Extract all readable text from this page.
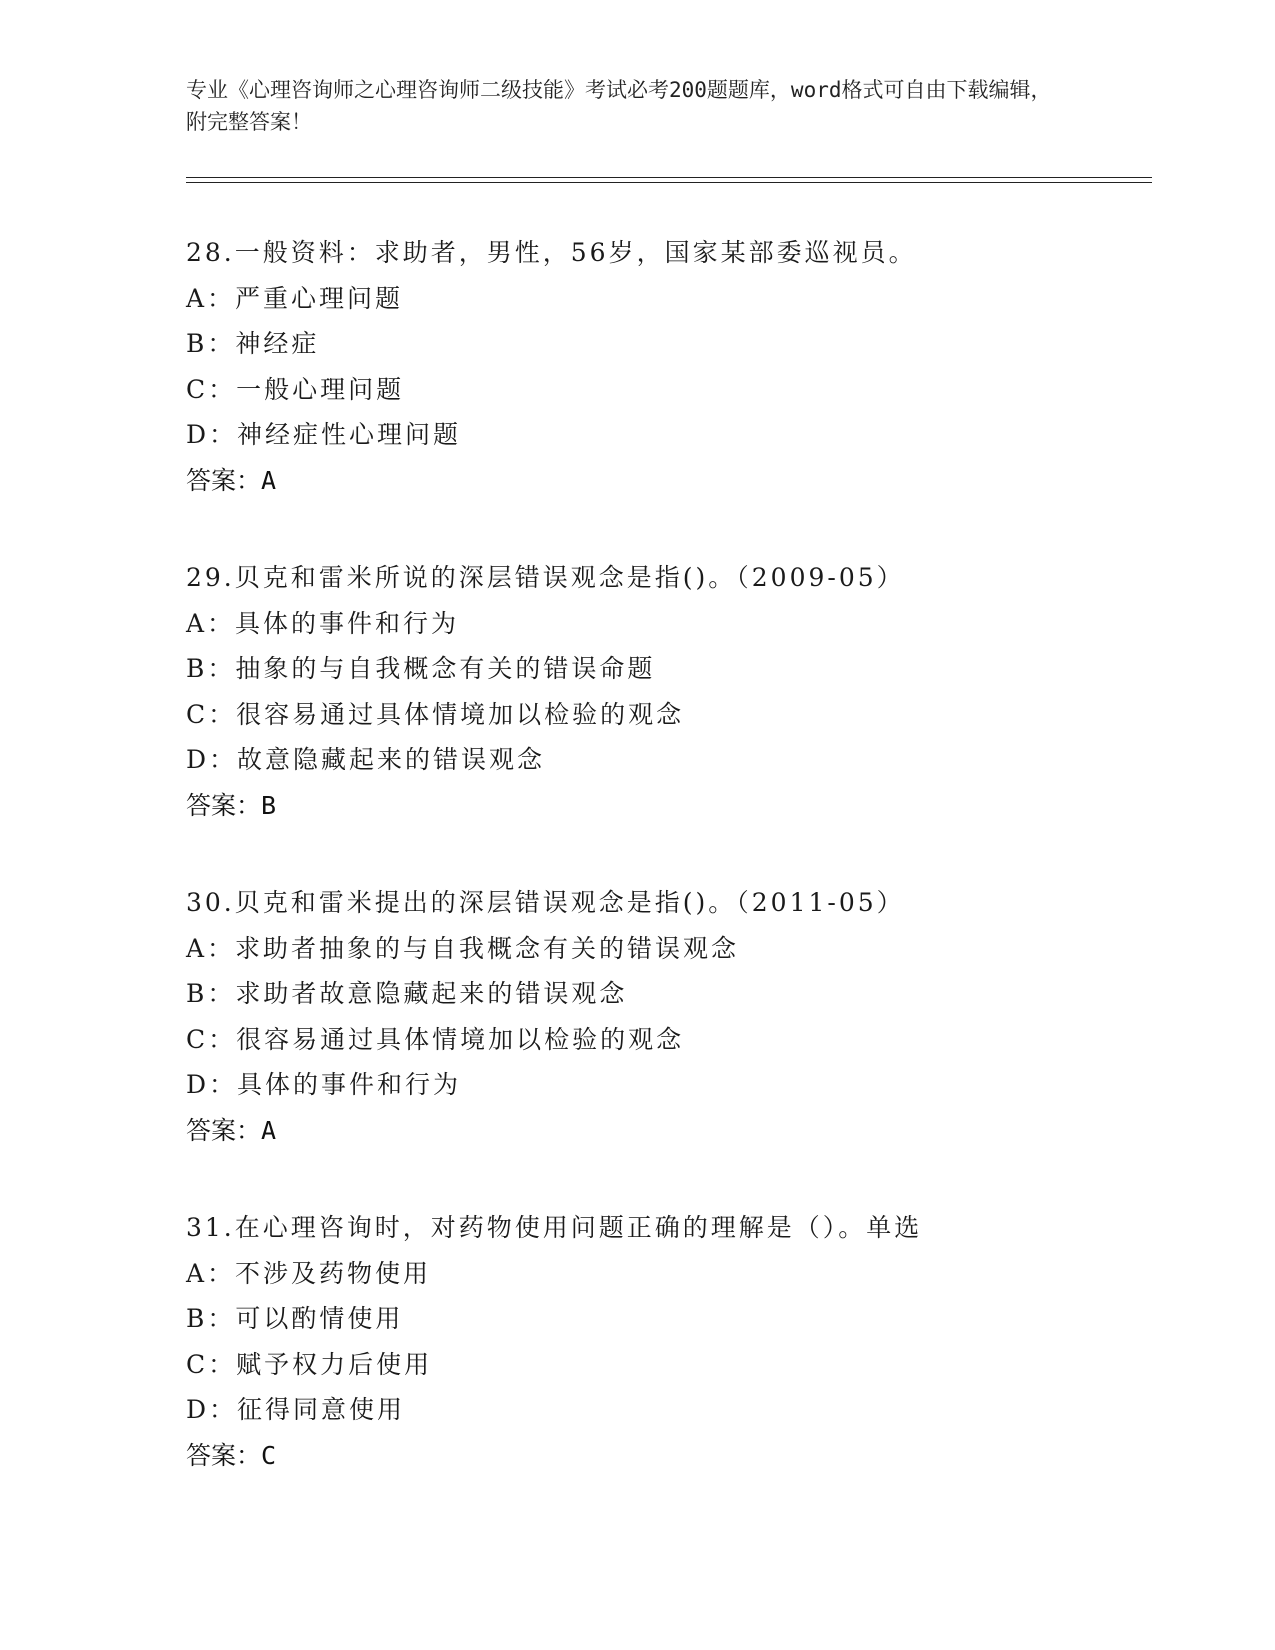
专业《心理咨询师之心理咨询师二级技能》考试必考200题题库，word格式可自由下载编辑，附完整答案！
28.一般资料：求助者，男性，56岁，国家某部委巡视员。
A：严重心理问题
B：神经症
C：一般心理问题
D：神经症性心理问题
答案：A
29.贝克和雷米所说的深层错误观念是指()。（2009-05）
A：具体的事件和行为
B：抽象的与自我概念有关的错误命题
C：很容易通过具体情境加以检验的观念
D：故意隐藏起来的错误观念
答案：B
30.贝克和雷米提出的深层错误观念是指()。（2011-05）
A：求助者抽象的与自我概念有关的错误观念
B：求助者故意隐藏起来的错误观念
C：很容易通过具体情境加以检验的观念
D：具体的事件和行为
答案：A
31.在心理咨询时，对药物使用问题正确的理解是（）。单选
A：不涉及药物使用
B：可以酌情使用
C：赋予权力后使用
D：征得同意使用
答案：C
